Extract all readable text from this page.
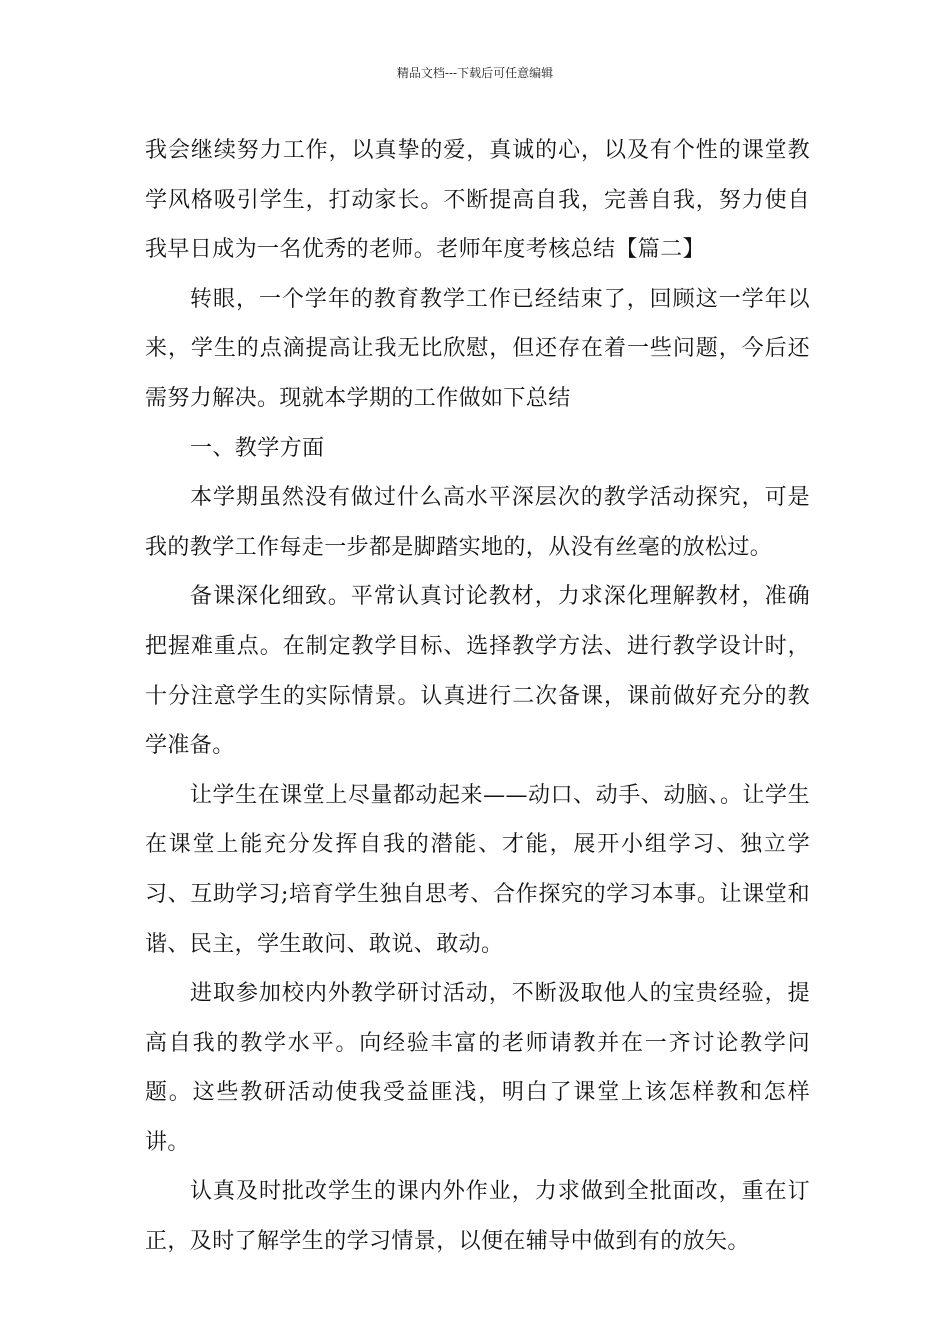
精品文档---下载后可任意编辑

我会继续努力工作，以真挚的爱，真诚的心，以及有个性的课堂教学风格吸引学生，打动家长。不断提高自我，完善自我，努力使自我早日成为一名优秀的老师。老师年度考核总结【篇二】

转眼，一个学年的教育教学工作已经结束了，回顾这一学年以来，学生的点滴提高让我无比欣慰，但还存在着一些问题，今后还需努力解决。现就本学期的工作做如下总结

一、教学方面

本学期虽然没有做过什么高水平深层次的教学活动探究，可是我的教学工作每走一步都是脚踏实地的，从没有丝毫的放松过。

备课深化细致。平常认真讨论教材，力求深化理解教材，准确把握难重点。在制定教学目标、选择教学方法、进行教学设计时，十分注意学生的实际情景。认真进行二次备课，课前做好充分的教学准备。

让学生在课堂上尽量都动起来——动口、动手、动脑、。让学生在课堂上能充分发挥自我的潜能、才能，展开小组学习、独立学习、互助学习;培育学生独自思考、合作探究的学习本事。让课堂和谐、民主，学生敢问、敢说、敢动。

进取参加校内外教学研讨活动，不断汲取他人的宝贵经验，提高自我的教学水平。向经验丰富的老师请教并在一齐讨论教学问题。这些教研活动使我受益匪浅，明白了课堂上该怎样教和怎样讲。

认真及时批改学生的课内外作业，力求做到全批面改，重在订正，及时了解学生的学习情景，以便在辅导中做到有的放矢。
